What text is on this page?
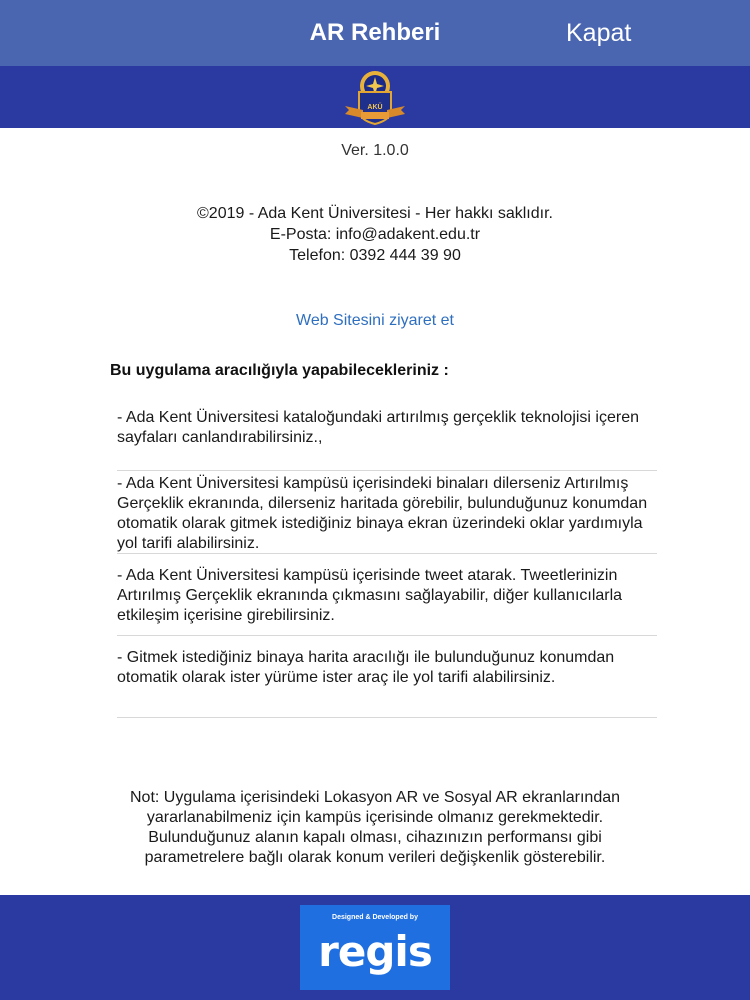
AR Rehberi	Kapat
AKÜ
Ver. 1.0.0
©2019 - Ada Kent Üniversitesi - Her hakkı saklıdır.
E-Posta: info@adakent.edu.tr
Telefon: 0392 444 39 90
Web Sitesini ziyaret et
Bu uygulama aracılığıyla yapabilecekleriniz :
- Ada Kent Üniversitesi kataloğundaki artırılmış gerçeklik teknolojisi içeren sayfaları canlandırabilirsiniz.,
- Ada Kent Üniversitesi kampüsü içerisindeki binaları dilerseniz Artırılmış Gerçeklik ekranında, dilerseniz haritada görebilir, bulunduğunuz konumdan otomatik olarak gitmek istediğiniz binaya ekran üzerindeki oklar yardımıyla yol tarifi alabilirsiniz.
- Ada Kent Üniversitesi kampüsü içerisinde tweet atarak. Tweetlerinizin Artırılmış Gerçeklik ekranında çıkmasını sağlayabilir, diğer kullanıcılarla etkileşim içerisine girebilirsiniz.
- Gitmek istediğiniz binaya harita aracılığı ile bulunduğunuz konumdan otomatik olarak ister yürüme ister araç ile yol tarifi alabilirsiniz.
Not: Uygulama içerisindeki Lokasyon AR ve Sosyal AR ekranlarından yararlanabilmeniz için kampüs içerisinde olmanız gerekmektedir. Bulunduğunuz alanın kapalı olması, cihazınızın performansı gibi parametrelere bağlı olarak konum verileri değişkenlik gösterebilir.
Designed & Developed by
regis
